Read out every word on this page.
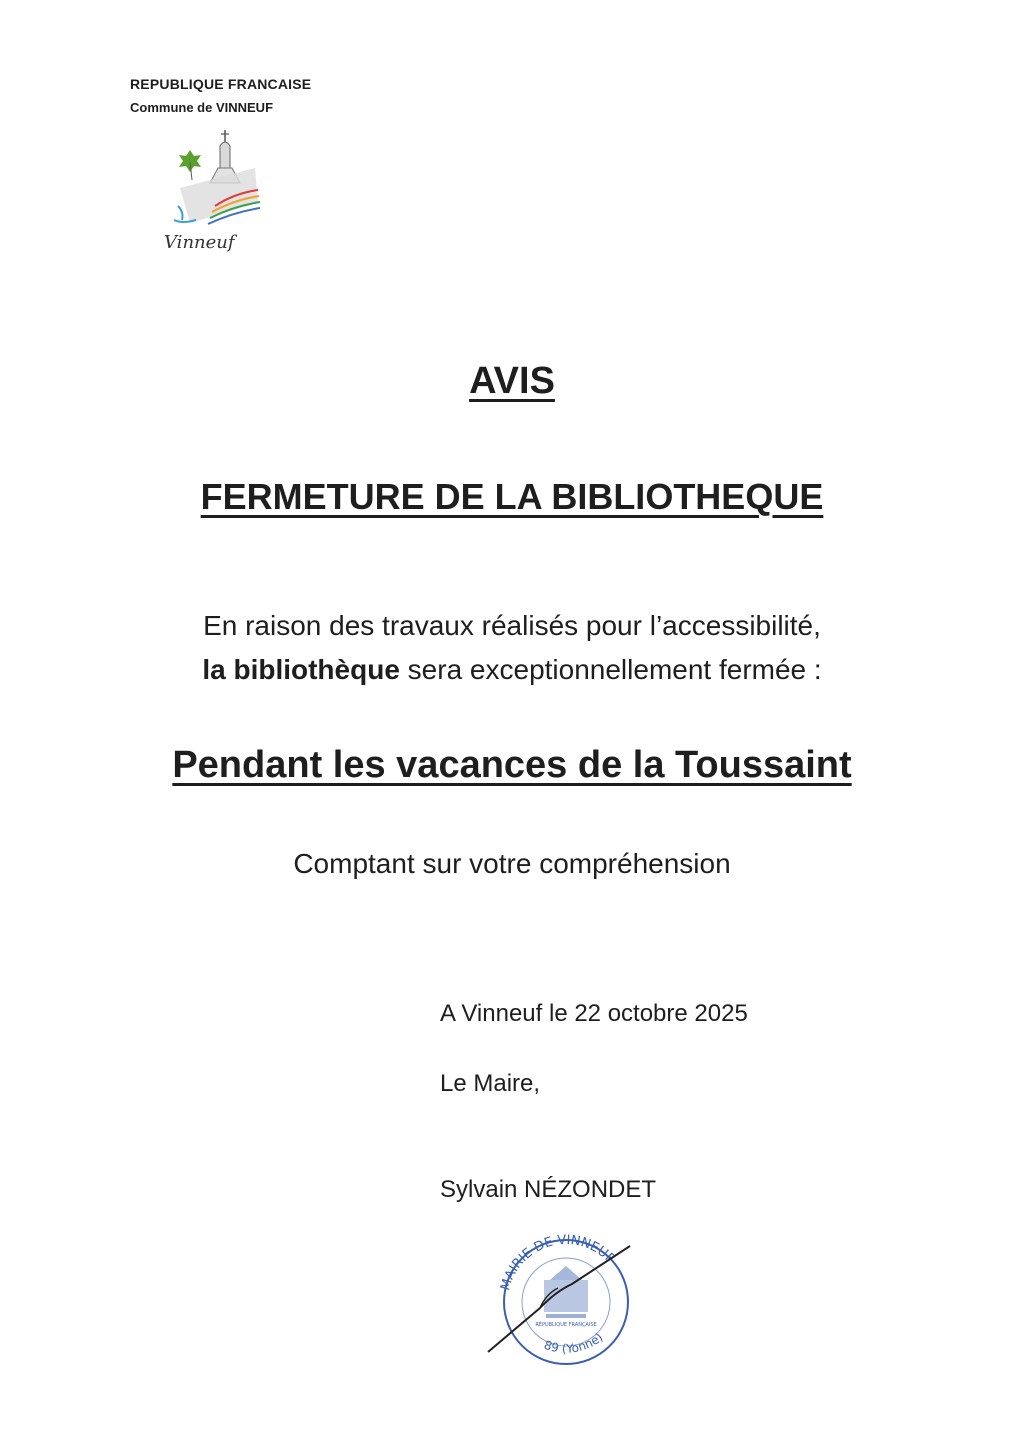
REPUBLIQUE FRANCAISE
Commune de VINNEUF
Vinneuf
AVIS
FERMETURE DE LA BIBLIOTHEQUE
En raison des travaux réalisés pour l’accessibilité,
la bibliothèque sera exceptionnellement fermée :
Pendant les vacances de la Toussaint
Comptant sur votre compréhension
A Vinneuf le 22 octobre 2025
Le Maire,
Sylvain NÉZONDET
MAIRIE DE VINNEUF
89 (Yonne)
RÉPUBLIQUE FRANÇAISE
